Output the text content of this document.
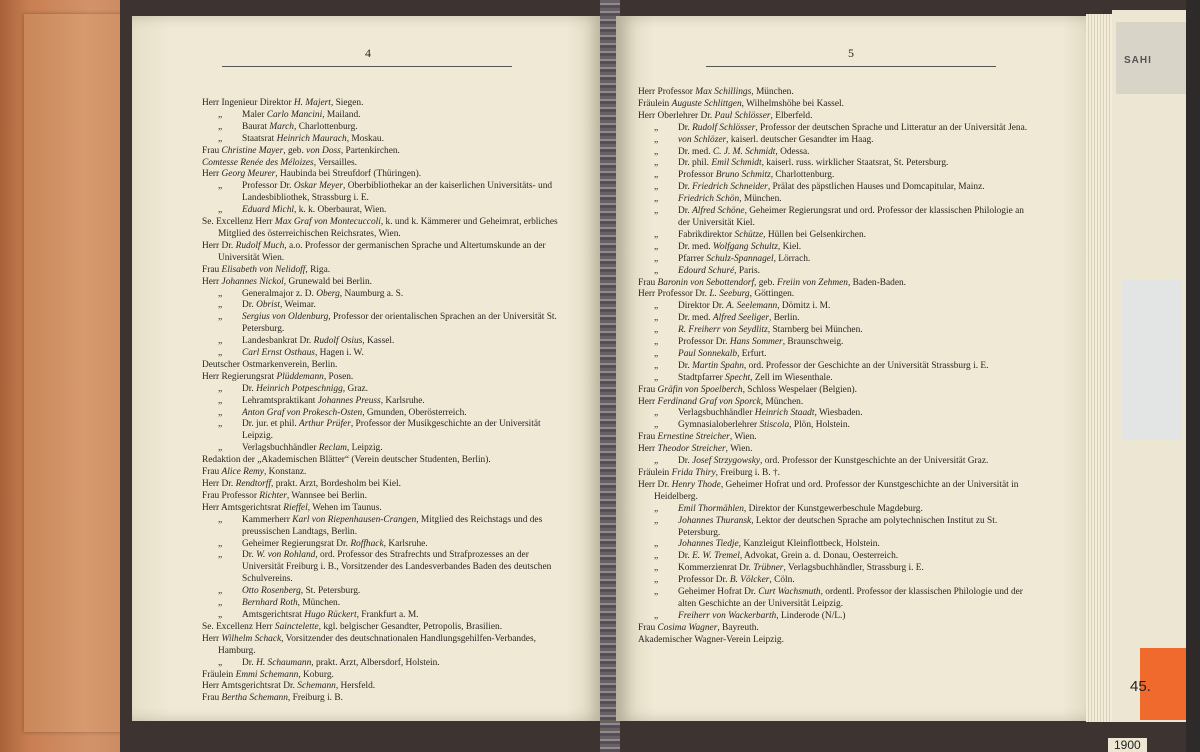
4
Herr Ingenieur Direktor H. Majert, Siegen.
„ Maler Carlo Mancini, Mailand.
„ Baurat March, Charlottenburg.
„ Staatsrat Heinrich Maurach, Moskau.
Frau Christine Mayer, geb. von Doss, Partenkirchen.
Comtesse Renée des Méloizes, Versailles.
Herr Georg Meurer, Haubinda bei Streufdorf (Thüringen).
„ Professor Dr. Oskar Meyer, Oberbibliothekar an der kaiserlichen Universitäts- und Landesbibliothek, Strassburg i. E.
„ Eduard Michl, k. k. Oberbaurat, Wien.
Se. Excellenz Herr Max Graf von Montecuccoli, k. und k. Kämmerer und Geheimrat, erbliches Mitglied des österreichischen Reichsrates, Wien.
Herr Dr. Rudolf Much, a.o. Professor der germanischen Sprache und Altertumskunde an der Universität Wien.
Frau Elisabeth von Nelidoff, Riga.
Herr Johannes Nickol, Grunewald bei Berlin.
„ Generalmajor z. D. Oberg, Naumburg a. S.
„ Dr. Obrist, Weimar.
„ Sergius von Oldenburg, Professor der orientalischen Sprachen an der Universität St. Petersburg.
„ Landesbankrat Dr. Rudolf Osius, Kassel.
„ Carl Ernst Osthaus, Hagen i. W.
Deutscher Ostmarkenverein, Berlin.
Herr Regierungsrat Plüddemann, Posen.
„ Dr. Heinrich Potpeschnigg, Graz.
„ Lehramtspraktikant Johannes Preuss, Karlsruhe.
„ Anton Graf von Prokesch-Osten, Gmunden, Oberösterreich.
„ Dr. jur. et phil. Arthur Prüfer, Professor der Musikgeschichte an der Universität Leipzig.
„ Verlagsbuchhändler Reclam, Leipzig.
Redaktion der „Akademischen Blätter“ (Verein deutscher Studenten, Berlin).
Frau Alice Remy, Konstanz.
Herr Dr. Rendtorff, prakt. Arzt, Bordesholm bei Kiel.
Frau Professor Richter, Wannsee bei Berlin.
Herr Amtsgerichtsrat Rieffel, Wehen im Taunus.
„ Kammerherr Karl von Riepenhausen-Crangen, Mitglied des Reichstags und des preussischen Landtags, Berlin.
„ Geheimer Regierungsrat Dr. Roffhack, Karlsruhe.
„ Dr. W. von Rohland, ord. Professor des Strafrechts und Strafprozesses an der Universität Freiburg i. B., Vorsitzender des Landesverbandes Baden des deutschen Schulvereins.
„ Otto Rosenberg, St. Petersburg.
„ Bernhard Roth, München.
„ Amtsgerichtsrat Hugo Rückert, Frankfurt a. M.
Se. Excellenz Herr Sainctelette, kgl. belgischer Gesandter, Petropolis, Brasilien.
Herr Wilhelm Schack, Vorsitzender des deutschnationalen Handlungsgehilfen-Verbandes, Hamburg.
„ Dr. H. Schaumann, prakt. Arzt, Albersdorf, Holstein.
Fräulein Emmi Schemann, Koburg.
Herr Amtsgerichtsrat Dr. Schemann, Hersfeld.
Frau Bertha Schemann, Freiburg i. B.
5
Herr Professor Max Schillings, München.
Fräulein Auguste Schlittgen, Wilhelmshöhe bei Kassel.
Herr Oberlehrer Dr. Paul Schlösser, Elberfeld.
„ Dr. Rudolf Schlösser, Professor der deutschen Sprache und Litteratur an der Universität Jena.
„ von Schlözer, kaiserl. deutscher Gesandter im Haag.
„ Dr. med. C. J. M. Schmidt, Odessa.
„ Dr. phil. Emil Schmidt, kaiserl. russ. wirklicher Staatsrat, St. Petersburg.
„ Professor Bruno Schmitz, Charlottenburg.
„ Dr. Friedrich Schneider, Prälat des päpstlichen Hauses und Domcapitular, Mainz.
„ Friedrich Schön, München.
„ Dr. Alfred Schöne, Geheimer Regierungsrat und ord. Professor der klassischen Philologie an der Universität Kiel.
„ Fabrikdirektor Schütze, Hüllen bei Gelsenkirchen.
„ Dr. med. Wolfgang Schultz, Kiel.
„ Pfarrer Schulz-Spannagel, Lörrach.
„ Edourd Schuré, Paris.
Frau Baronin von Sebottendorf, geb. Freiin von Zehmen, Baden-Baden.
Herr Professor Dr. L. Seeburg, Göttingen.
„ Direktor Dr. A. Seelemann, Dömitz i. M.
„ Dr. med. Alfred Seeliger, Berlin.
„ R. Freiherr von Seydlitz, Starnberg bei München.
„ Professor Dr. Hans Sommer, Braunschweig.
„ Paul Sonnekalb, Erfurt.
„ Dr. Martin Spahn, ord. Professor der Geschichte an der Universität Strassburg i. E.
„ Stadtpfarrer Specht, Zell im Wiesenthale.
Frau Gräfin von Spoelberch, Schloss Wespelaer (Belgien).
Herr Ferdinand Graf von Sporck, München.
„ Verlagsbuchhändler Heinrich Staadt, Wiesbaden.
„ Gymnasialoberlehrer Stiscola, Plön, Holstein.
Frau Ernestine Streicher, Wien.
Herr Theodor Streicher, Wien.
„ Dr. Josef Strzygowsky, ord. Professor der Kunstgeschichte an der Universität Graz.
Fräulein Frida Thiry, Freiburg i. B. †.
Herr Dr. Henry Thode, Geheimer Hofrat und ord. Professor der Kunstgeschichte an der Universität in Heidelberg.
„ Emil Thormählen, Direktor der Kunstgewerbeschule Magdeburg.
„ Johannes Thuransk, Lektor der deutschen Sprache am polytechnischen Institut zu St. Petersburg.
„ Johannes Tiedje, Kanzleigut Kleinflottbeck, Holstein.
„ Dr. E. W. Tremel, Advokat, Grein a. d. Donau, Oesterreich.
„ Kommerzienrat Dr. Trübner, Verlagsbuchhändler, Strassburg i. E.
„ Professor Dr. B. Völcker, Cöln.
„ Geheimer Hofrat Dr. Curt Wachsmuth, ordentl. Professor der klassischen Philologie und der alten Geschichte an der Universität Leipzig.
„ Freiherr von Wackerbarth, Linderode (N/L.)
Frau Cosima Wagner, Bayreuth.
Akademischer Wagner-Verein Leipzig.
SAHI
45.
1900
